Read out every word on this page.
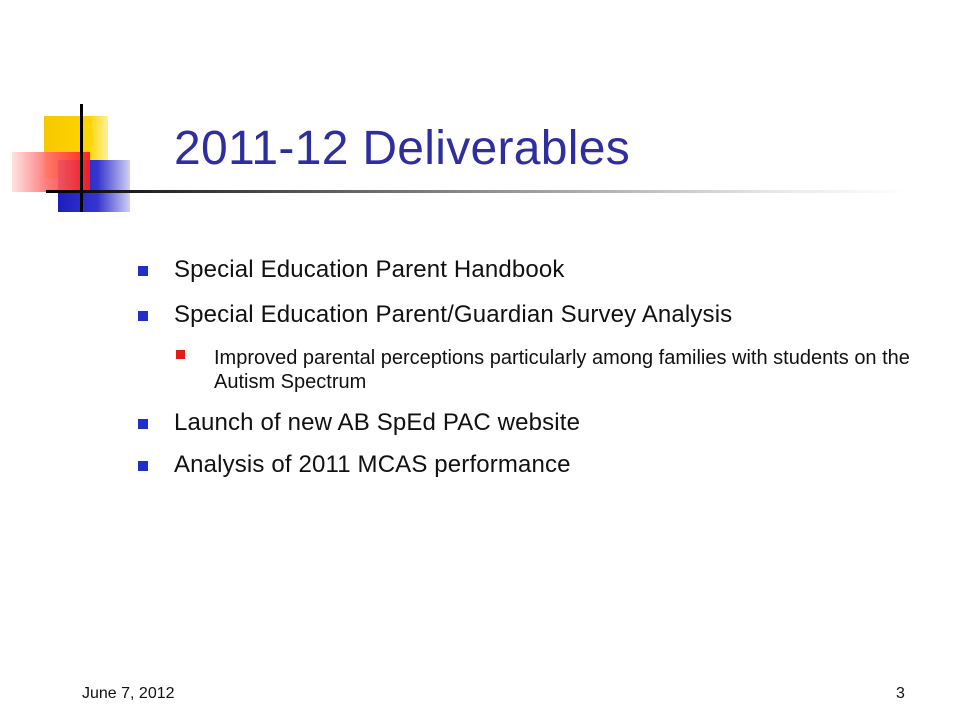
2011-12 Deliverables
Special Education Parent Handbook
Special Education Parent/Guardian Survey Analysis
Improved parental perceptions particularly among families with students on the Autism Spectrum
Launch of new AB SpEd PAC website
Analysis of 2011 MCAS performance
June 7, 2012	3
